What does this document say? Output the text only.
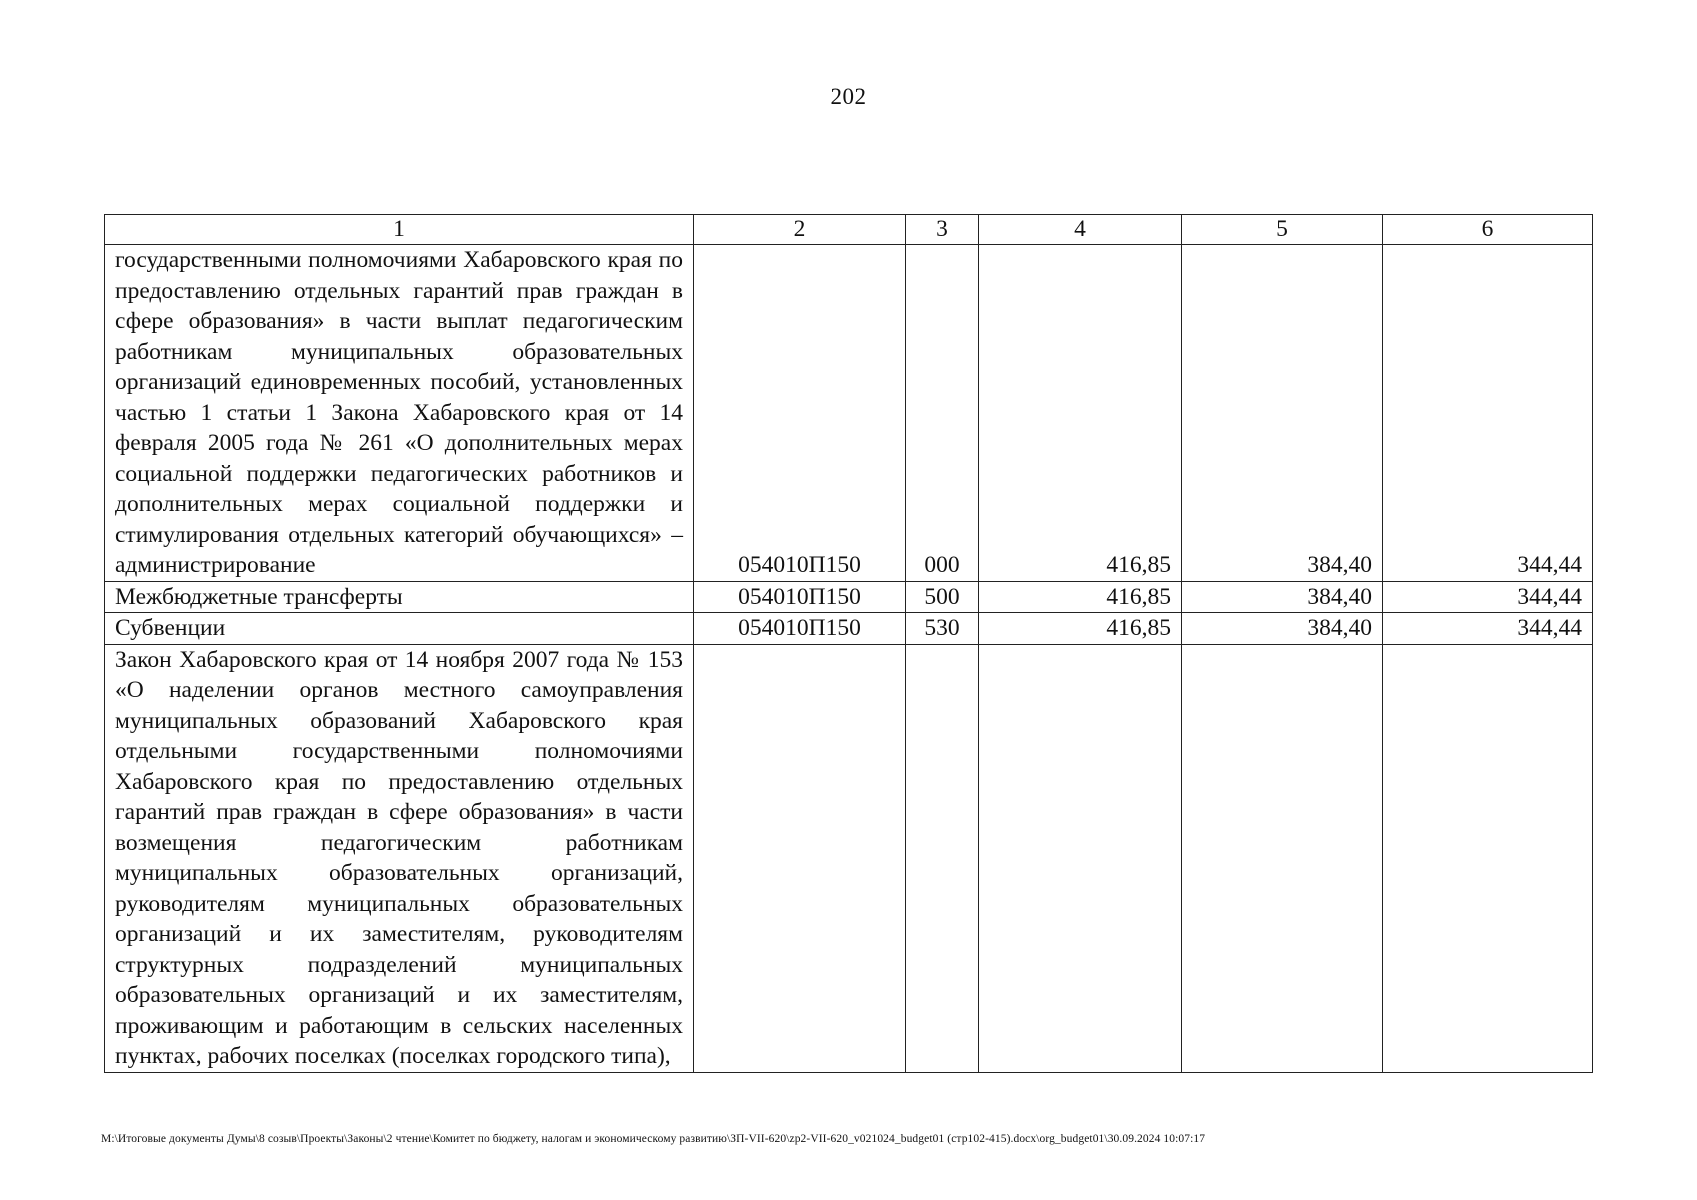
202
1	2	3	4	5	6
государственными полномочиями Хабаровского края по предоставлению отдельных гарантий прав граждан в сфере образования» в части выплат педагогическим работникам муниципальных образовательных организаций единовременных пособий, установленных частью 1 статьи 1 Закона Хабаровского края от 14 февраля 2005 года № 261 «О дополнительных мерах социальной поддержки педагогических работников и дополнительных мерах социальной поддержки и стимулирования отдельных категорий обучающихся» – администрирование	054010П150	000	416,85	384,40	344,44
Межбюджетные трансферты	054010П150	500	416,85	384,40	344,44
Субвенции	054010П150	530	416,85	384,40	344,44
Закон Хабаровского края от 14 ноября 2007 года № 153 «О наделении органов местного самоуправления муниципальных образований Хабаровского края отдельными государственными полномочиями Хабаровского края по предоставлению отдельных гарантий прав граждан в сфере образования» в части возмещения педагогическим работникам муниципальных образовательных организаций, руководителям муниципальных образовательных организаций и их заместителям, руководителям структурных подразделений муниципальных образовательных организаций и их заместителям, проживающим и работающим в сельских населенных пунктах, рабочих поселках (поселках городского типа),					
M:\Итоговые документы Думы\8 созыв\Проекты\Законы\2 чтение\Комитет по бюджету, налогам и экономическому развитию\ЗП-VII-620\zp2-VII-620_v021024_budget01 (стр102-415).docx\org_budget01\30.09.2024 10:07:17
